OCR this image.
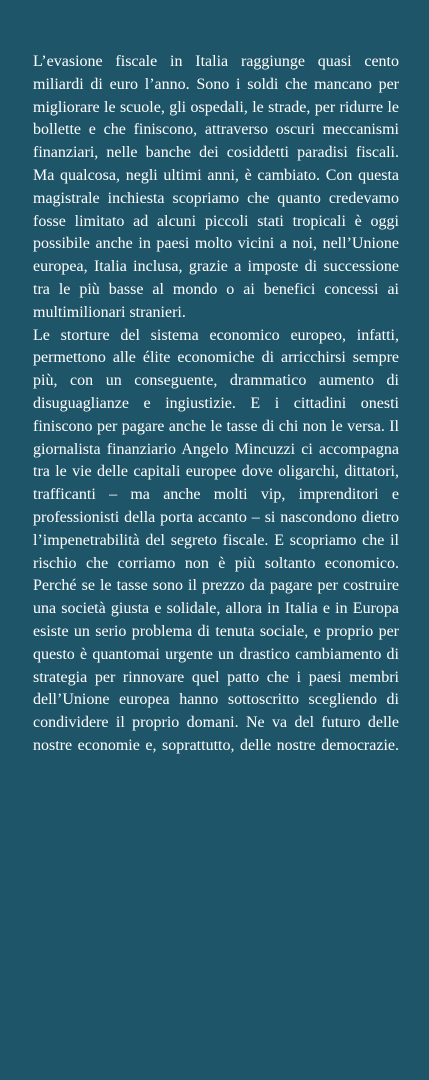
L’evasione fiscale in Italia raggiunge quasi cento miliardi di euro l’anno. Sono i soldi che mancano per migliorare le scuole, gli ospedali, le strade, per ridurre le bollette e che finiscono, attraverso oscuri meccanismi finanziari, nelle banche dei cosiddetti paradisi fiscali. Ma qualcosa, negli ultimi anni, è cambiato. Con questa magistrale inchiesta scopriamo che quanto credevamo fosse limitato ad alcuni piccoli stati tropicali è oggi possibile anche in paesi molto vicini a noi, nell’Unione europea, Italia inclusa, grazie a imposte di successione tra le più basse al mondo o ai benefici concessi ai multimilionari stranieri.

Le storture del sistema economico europeo, infatti, permettono alle élite economiche di arricchirsi sempre più, con un conseguente, drammatico aumento di disuguaglianze e ingiustizie. E i cittadini onesti finiscono per pagare anche le tasse di chi non le versa. Il giornalista finanziario Angelo Mincuzzi ci accompagna tra le vie delle capitali europee dove oligarchi, dittatori, trafficanti – ma anche molti vip, imprenditori e professionisti della porta accanto – si nascondono dietro l’impenetrabilità del segreto fiscale. E scopriamo che il rischio che corriamo non è più soltanto economico. Perché se le tasse sono il prezzo da pagare per costruire una società giusta e solidale, allora in Italia e in Europa esiste un serio problema di tenuta sociale, e proprio per questo è quantomai urgente un drastico cambiamento di strategia per rinnovare quel patto che i paesi membri dell’Unione europea hanno sottoscritto scegliendo di condividere il proprio domani. Ne va del futuro delle nostre economie e, soprattutto, delle nostre democrazie.
